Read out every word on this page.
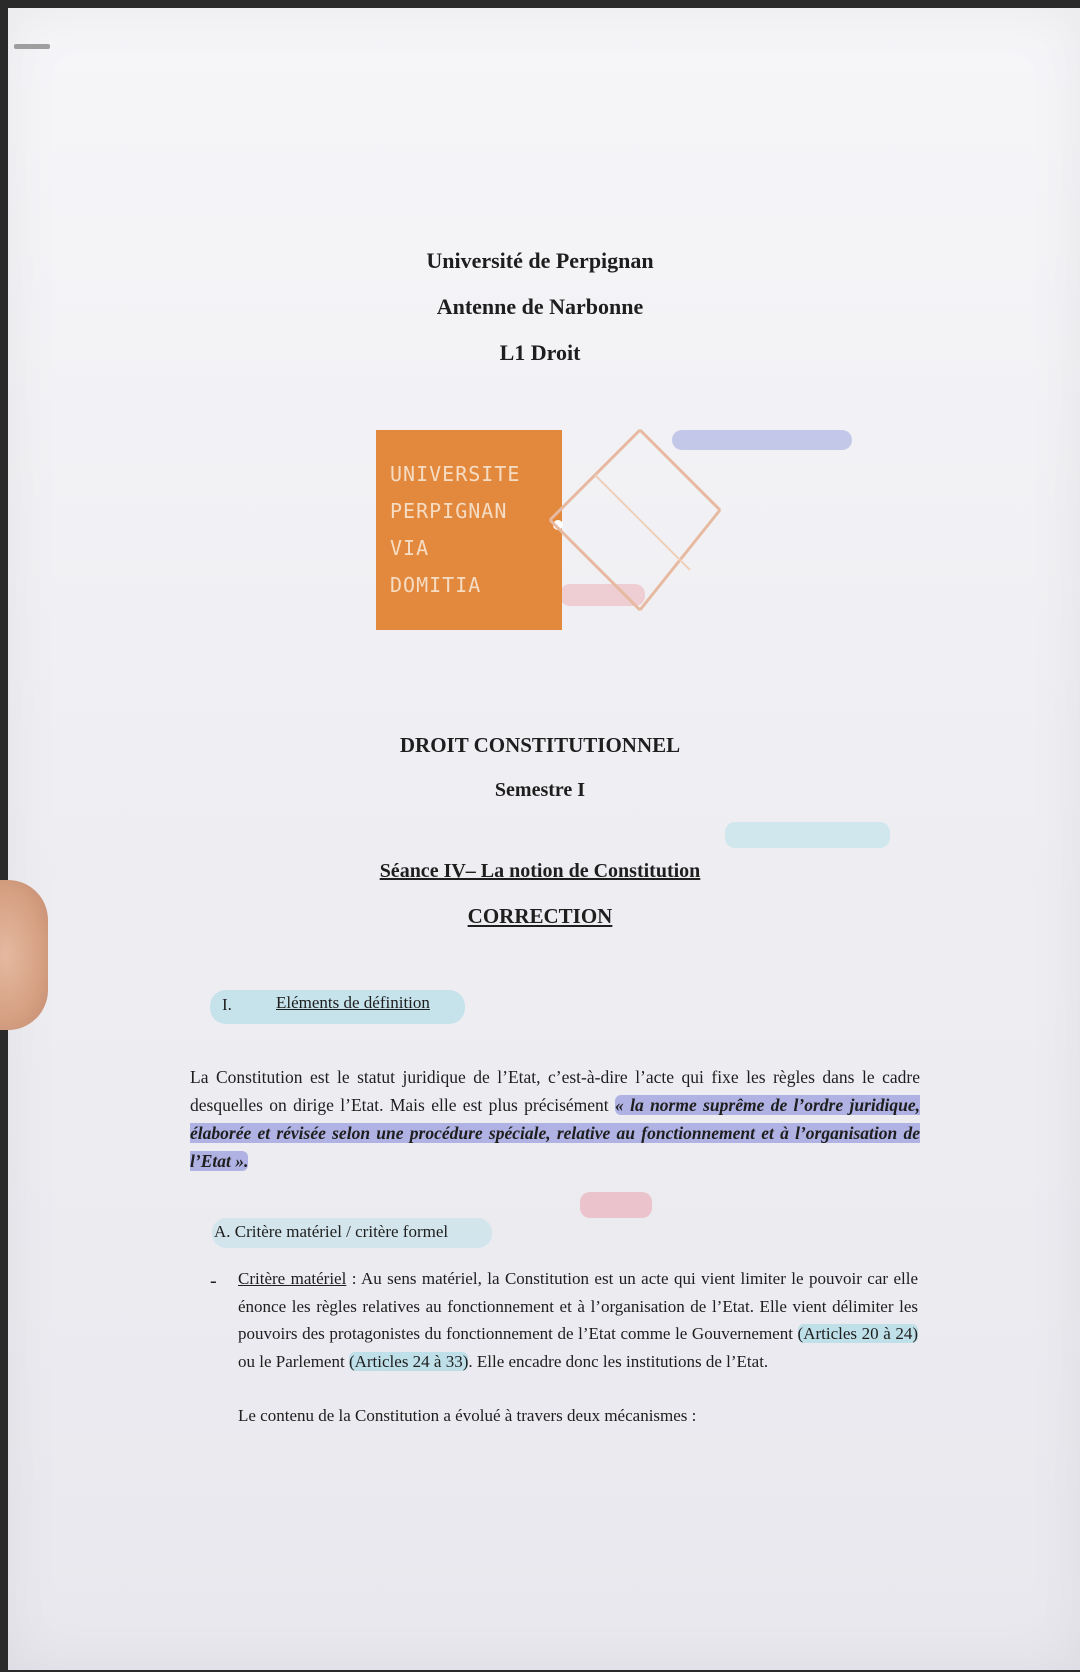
Université de Perpignan
Antenne de Narbonne
L1 Droit
UNIVERSITE
PERPIGNAN
VIA
DOMITIA
DROIT CONSTITUTIONNEL
Semestre I
Séance IV– La notion de Constitution
CORRECTION
I.	Eléments de définition
La Constitution est le statut juridique de l’Etat, c’est-à-dire l’acte qui fixe les règles dans le cadre desquelles on dirige l’Etat. Mais elle est plus précisément « la norme suprême de l’ordre juridique, élaborée et révisée selon une procédure spéciale, relative au fonctionnement et à l’organisation de l’Etat ».
A. Critère matériel / critère formel
- Critère matériel : Au sens matériel, la Constitution est un acte qui vient limiter le pouvoir car elle énonce les règles relatives au fonctionnement et à l’organisation de l’Etat. Elle vient délimiter les pouvoirs des protagonistes du fonctionnement de l’Etat comme le Gouvernement (Articles 20 à 24) ou le Parlement (Articles 24 à 33). Elle encadre donc les institutions de l’Etat.
Le contenu de la Constitution a évolué à travers deux mécanismes :
